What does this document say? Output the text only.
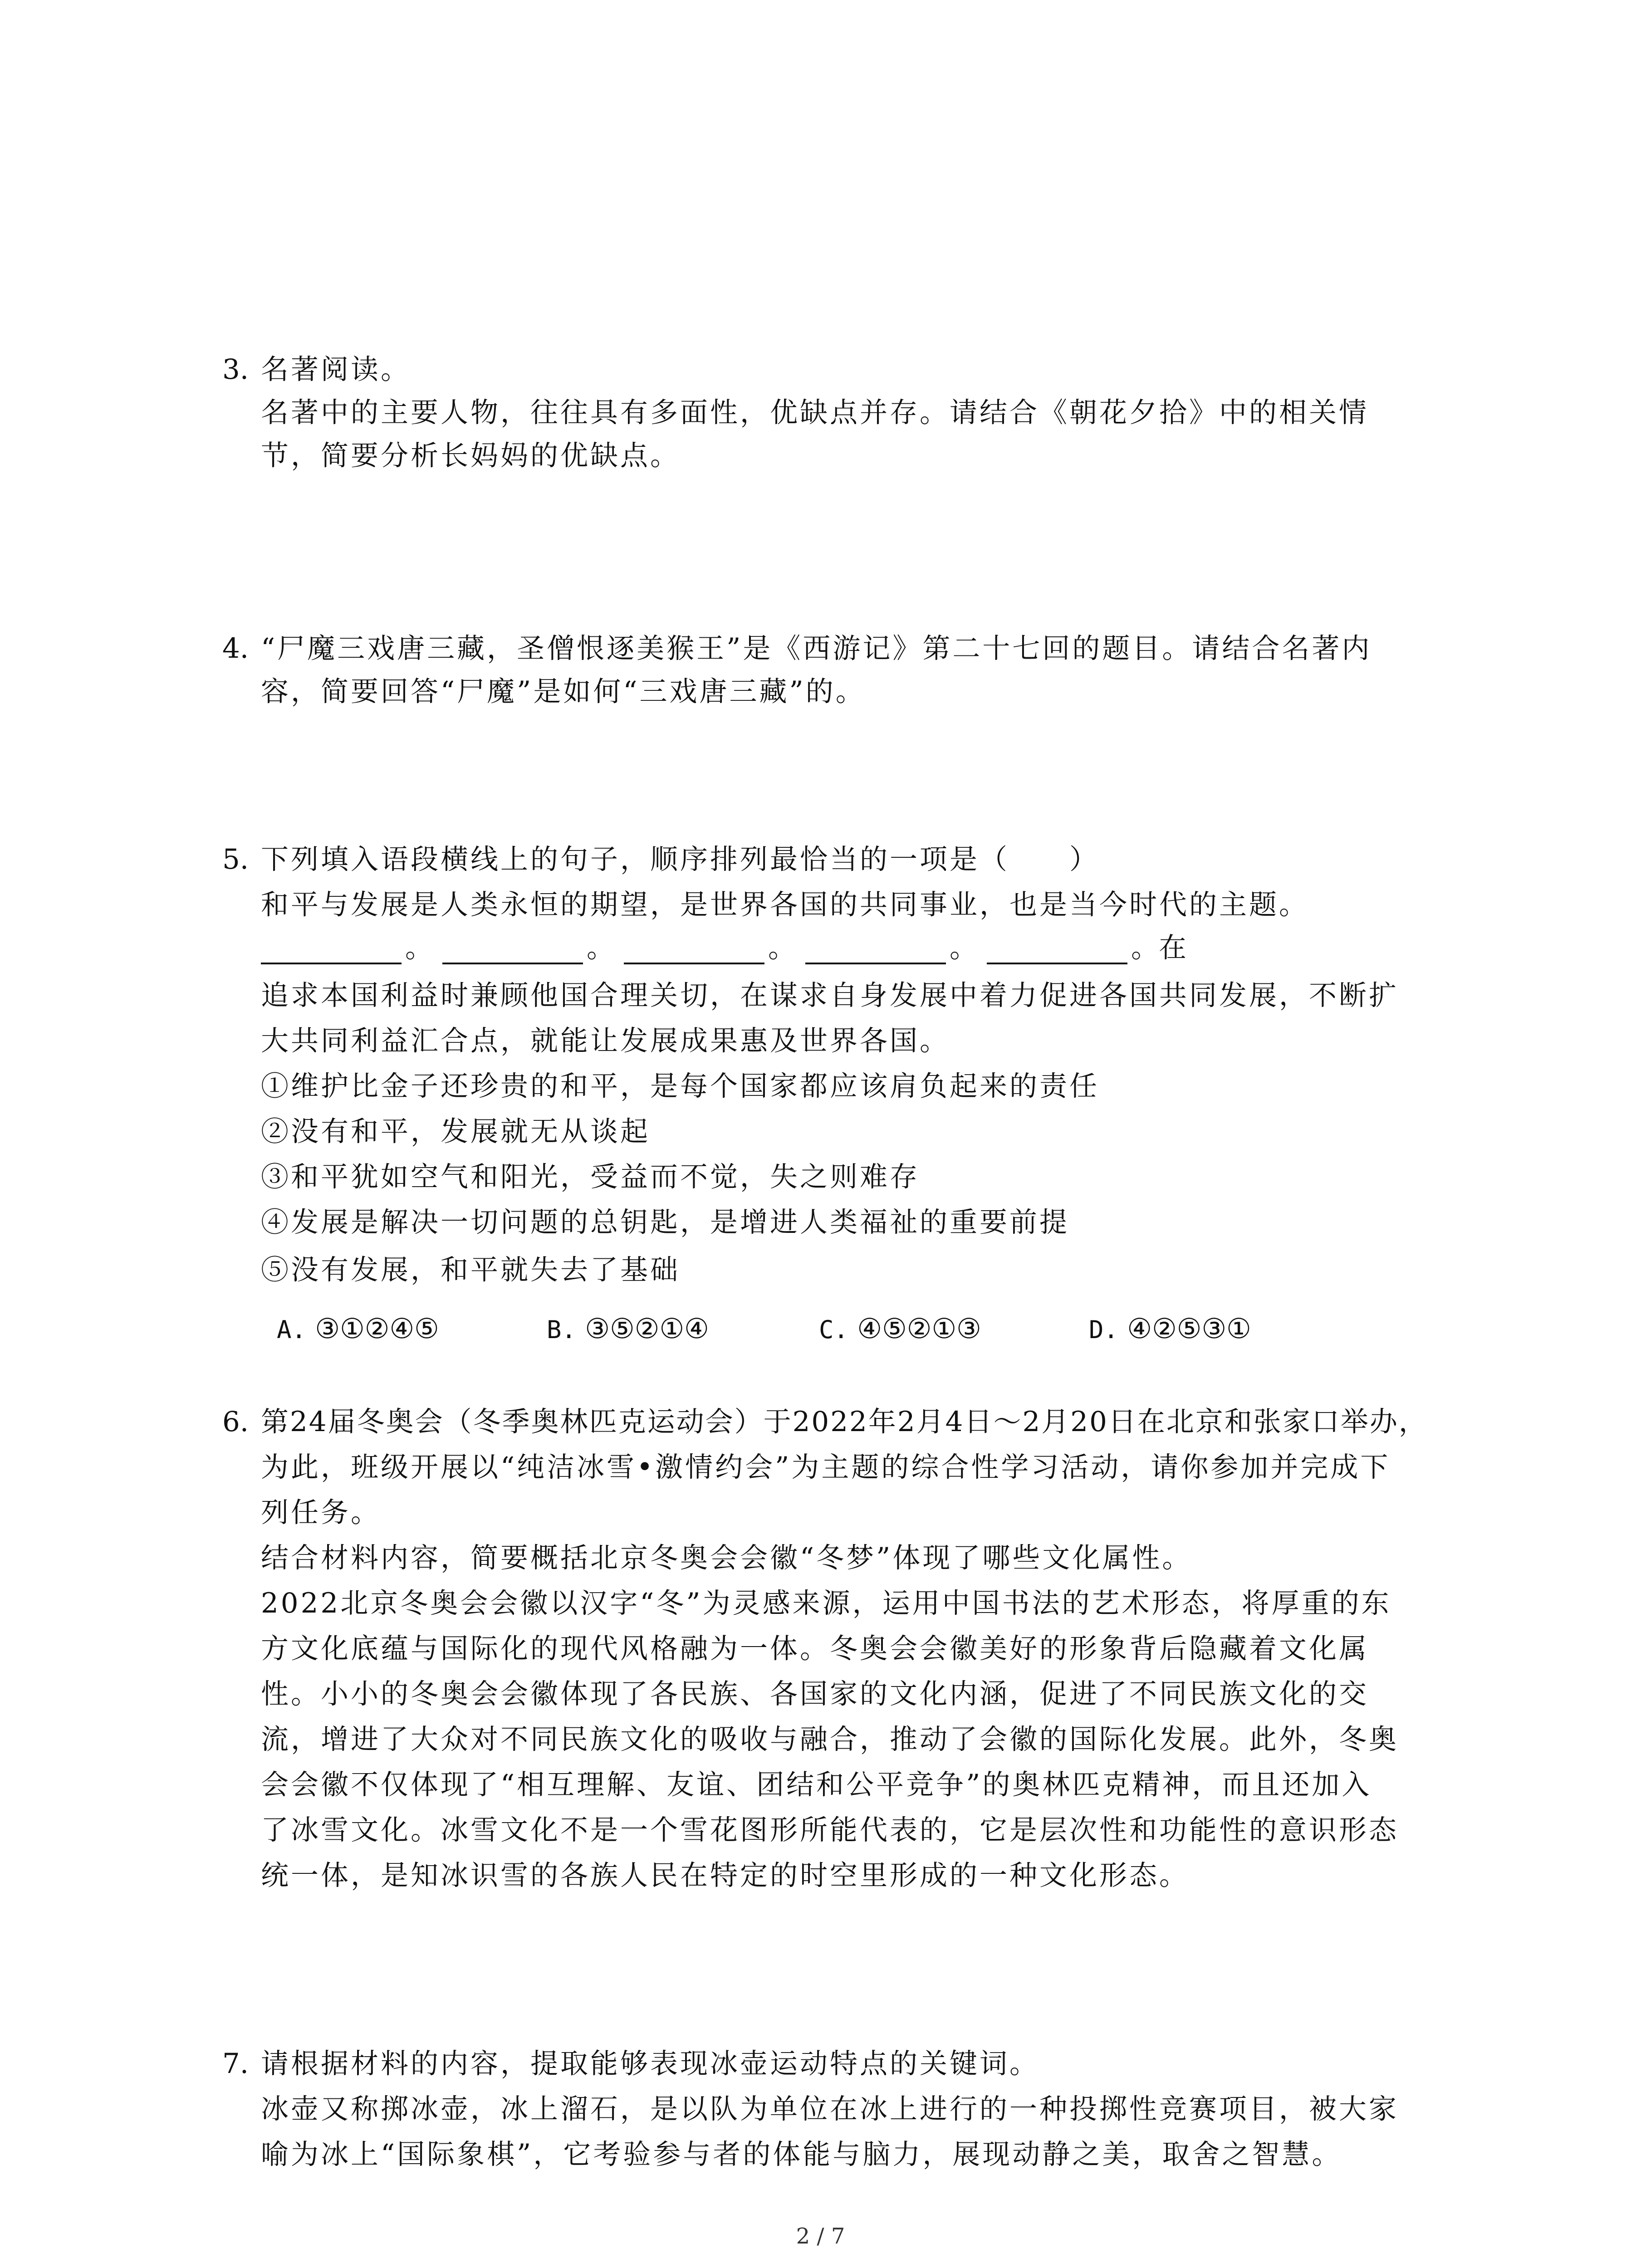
3. 名著阅读。
名著中的主要人物，往往具有多面性，优缺点并存。请结合《朝花夕拾》中的相关情
节，简要分析长妈妈的优缺点。
4. “尸魔三戏唐三藏，圣僧恨逐美猴王”是《西游记》第二十七回的题目。请结合名著内
容，简要回答“尸魔”是如何“三戏唐三藏”的。
5. 下列填入语段横线上的句子，顺序排列最恰当的一项是（　　）
和平与发展是人类永恒的期望，是世界各国的共同事业，也是当今时代的主题。
。	。	。	。	。在
追求本国利益时兼顾他国合理关切，在谋求自身发展中着力促进各国共同发展，不断扩
大共同利益汇合点，就能让发展成果惠及世界各国。
①维护比金子还珍贵的和平，是每个国家都应该肩负起来的责任
②没有和平，发展就无从谈起
③和平犹如空气和阳光，受益而不觉，失之则难存
④发展是解决一切问题的总钥匙，是增进人类福祉的重要前提
⑤没有发展，和平就失去了基础
A. ③①②④⑤	B. ③⑤②①④	C. ④⑤②①③	D. ④②⑤③①
6. 第24届冬奥会（冬季奥林匹克运动会）于2022年2月4日～2月20日在北京和张家口举办，
为此，班级开展以“纯洁冰雪•激情约会”为主题的综合性学习活动，请你参加并完成下
列任务。
结合材料内容，简要概括北京冬奥会会徽“冬梦”体现了哪些文化属性。
2022北京冬奥会会徽以汉字“冬”为灵感来源，运用中国书法的艺术形态，将厚重的东
方文化底蕴与国际化的现代风格融为一体。冬奥会会徽美好的形象背后隐藏着文化属
性。小小的冬奥会会徽体现了各民族、各国家的文化内涵，促进了不同民族文化的交
流，增进了大众对不同民族文化的吸收与融合，推动了会徽的国际化发展。此外，冬奥
会会徽不仅体现了“相互理解、友谊、团结和公平竞争”的奥林匹克精神，而且还加入
了冰雪文化。冰雪文化不是一个雪花图形所能代表的，它是层次性和功能性的意识形态
统一体，是知冰识雪的各族人民在特定的时空里形成的一种文化形态。
7. 请根据材料的内容，提取能够表现冰壶运动特点的关键词。
冰壶又称掷冰壶，冰上溜石，是以队为单位在冰上进行的一种投掷性竞赛项目，被大家
喻为冰上“国际象棋”，它考验参与者的体能与脑力，展现动静之美，取舍之智慧。
2 / 7
